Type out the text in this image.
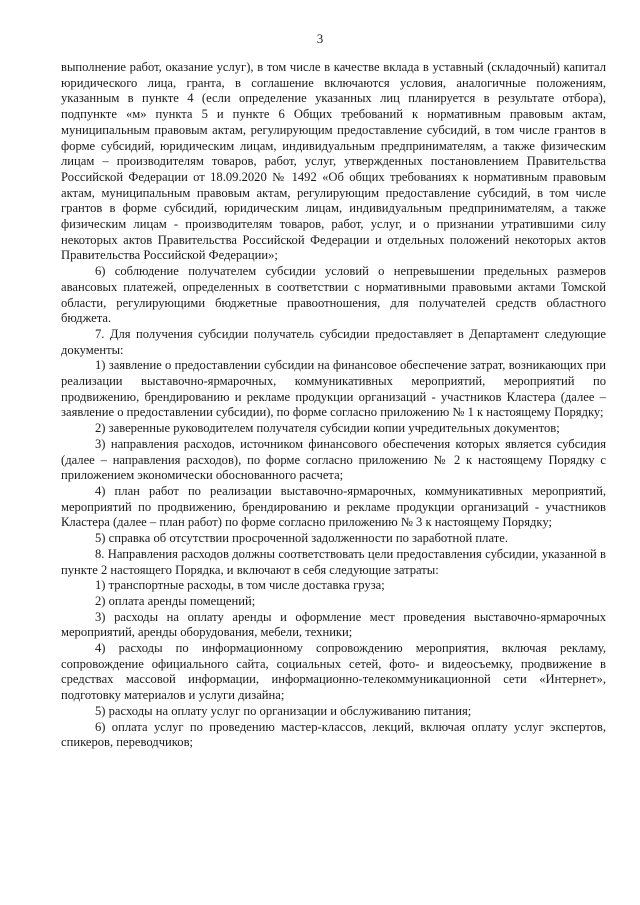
3

выполнение работ, оказание услуг), в том числе в качестве вклада в уставный (складочный) капитал юридического лица, гранта, в соглашение включаются условия, аналогичные положениям, указанным в пункте 4 (если определение указанных лиц планируется в результате отбора), подпункте «м» пункта 5 и пункте 6 Общих требований к нормативным правовым актам, муниципальным правовым актам, регулирующим предоставление субсидий, в том числе грантов в форме субсидий, юридическим лицам, индивидуальным предпринимателям, а также физическим лицам – производителям товаров, работ, услуг, утвержденных постановлением Правительства Российской Федерации от 18.09.2020 № 1492 «Об общих требованиях к нормативным правовым актам, муниципальным правовым актам, регулирующим предоставление субсидий, в том числе грантов в форме субсидий, юридическим лицам, индивидуальным предпринимателям, а также физическим лицам - производителям товаров, работ, услуг, и о признании утратившими силу некоторых актов Правительства Российской Федерации и отдельных положений некоторых актов Правительства Российской Федерации»;

6) соблюдение получателем субсидии условий о непревышении предельных размеров авансовых платежей, определенных в соответствии с нормативными правовыми актами Томской области, регулирующими бюджетные правоотношения, для получателей средств областного бюджета.

7. Для получения субсидии получатель субсидии предоставляет в Департамент следующие документы:

1) заявление о предоставлении субсидии на финансовое обеспечение затрат, возникающих при реализации выставочно-ярмарочных, коммуникативных мероприятий, мероприятий по продвижению, брендированию и рекламе продукции организаций - участников Кластера (далее – заявление о предоставлении субсидии), по форме согласно приложению № 1 к настоящему Порядку;

2) заверенные руководителем получателя субсидии копии учредительных документов;

3) направления расходов, источником финансового обеспечения которых является субсидия (далее – направления расходов), по форме согласно приложению № 2 к настоящему Порядку с приложением экономически обоснованного расчета;

4) план работ по реализации выставочно-ярмарочных, коммуникативных мероприятий, мероприятий по продвижению, брендированию и рекламе продукции организаций - участников Кластера (далее – план работ) по форме согласно приложению № 3 к настоящему Порядку;

5) справка об отсутствии просроченной задолженности по заработной плате.

8. Направления расходов должны соответствовать цели предоставления субсидии, указанной в пункте 2 настоящего Порядка, и включают в себя следующие затраты:

1) транспортные расходы, в том числе доставка груза;

2) оплата аренды помещений;

3) расходы на оплату аренды и оформление мест проведения выставочно-ярмарочных мероприятий, аренды оборудования, мебели, техники;

4) расходы по информационному сопровождению мероприятия, включая рекламу, сопровождение официального сайта, социальных сетей, фото- и видеосъемку, продвижение в средствах массовой информации, информационно-телекоммуникационной сети «Интернет», подготовку материалов и услуги дизайна;

5) расходы на оплату услуг по организации и обслуживанию питания;

6) оплата услуг по проведению мастер-классов, лекций, включая оплату услуг экспертов, спикеров, переводчиков;
